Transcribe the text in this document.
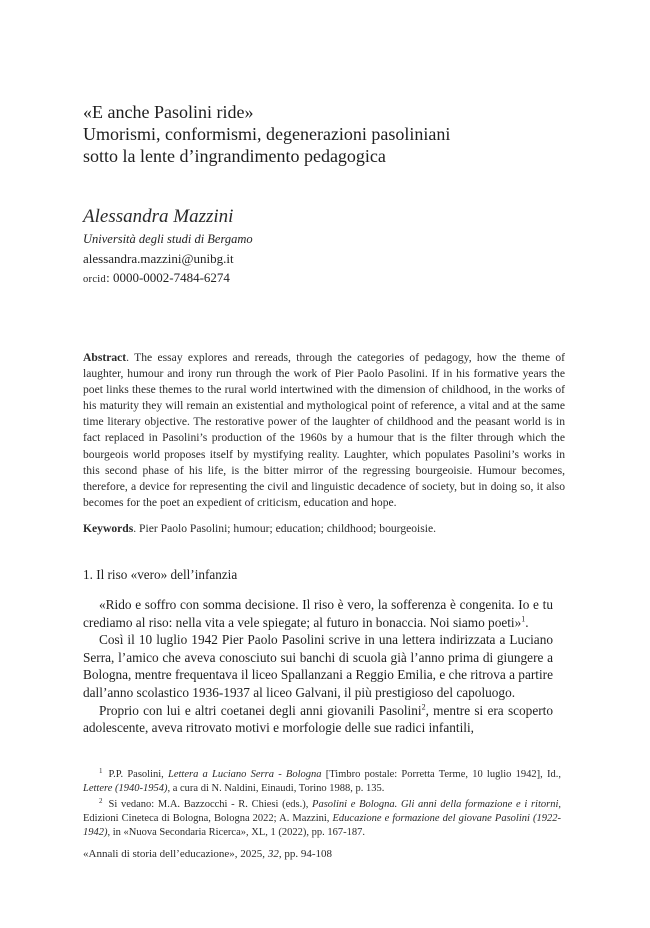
«E anche Pasolini ride»
Umorismi, conformismi, degenerazioni pasoliniani
sotto la lente d’ingrandimento pedagogica
Alessandra Mazzini
Università degli studi di Bergamo
alessandra.mazzini@unibg.it
orcid: 0000-0002-7484-6274
Abstract. The essay explores and rereads, through the categories of pedagogy, how the theme of laughter, humour and irony run through the work of Pier Paolo Pasolini. If in his formative years the poet links these themes to the rural world intertwined with the dimension of childhood, in the works of his maturity they will remain an existential and mythological point of reference, a vital and at the same time literary objective. The restorative power of the laughter of childhood and the peasant world is in fact replaced in Pasolini’s production of the 1960s by a humour that is the filter through which the bourgeois world proposes itself by mystifying reality. Laughter, which populates Pasolini’s works in this second phase of his life, is the bitter mirror of the regressing bourgeoisie. Humour becomes, therefore, a device for representing the civil and linguistic decadence of society, but in doing so, it also becomes for the poet an expedient of criticism, education and hope.
Keywords. Pier Paolo Pasolini; humour; education; childhood; bourgeoisie.
1. Il riso «vero» dell’infanzia

«Rido e soffro con somma decisione. Il riso è vero, la sofferenza è congenita. Io e tu crediamo al riso: nella vita a vele spiegate; al futuro in bonaccia. Noi siamo poeti»$^1$.

Così il 10 luglio 1942 Pier Paolo Pasolini scrive in una lettera indirizzata a Luciano Serra, l’amico che aveva conosciuto sui banchi di scuola già l’anno prima di giungere a Bologna, mentre frequentava il liceo Spallanzani a Reggio Emilia, e che ritrova a partire dall’anno scolastico 1936-1937 al liceo Galvani, il più prestigioso del capoluogo.

Proprio con lui e altri coetanei degli anni giovanili Pasolini$^2$, mentre si era scoperto adolescente, aveva ritrovato motivi e morfologie delle sue radici infantili,

$^1$ P.P. Pasolini, Lettera a Luciano Serra - Bologna [Timbro postale: Porretta Terme, 10 luglio 1942], Id., Lettere (1940-1954), a cura di N. Naldini, Einaudi, Torino 1988, p. 135.

$^2$ Si vedano: M.A. Bazzocchi - R. Chiesi (eds.), Pasolini e Bologna. Gli anni della formazione e i ritorni, Edizioni Cineteca di Bologna, Bologna 2022; A. Mazzini, Educazione e formazione del giovane Pasolini (1922-1942), in «Nuova Secondaria Ricerca», XL, 1 (2022), pp. 167-187.

«Annali di storia dell’educazione», 2025, 32, pp. 94-108
